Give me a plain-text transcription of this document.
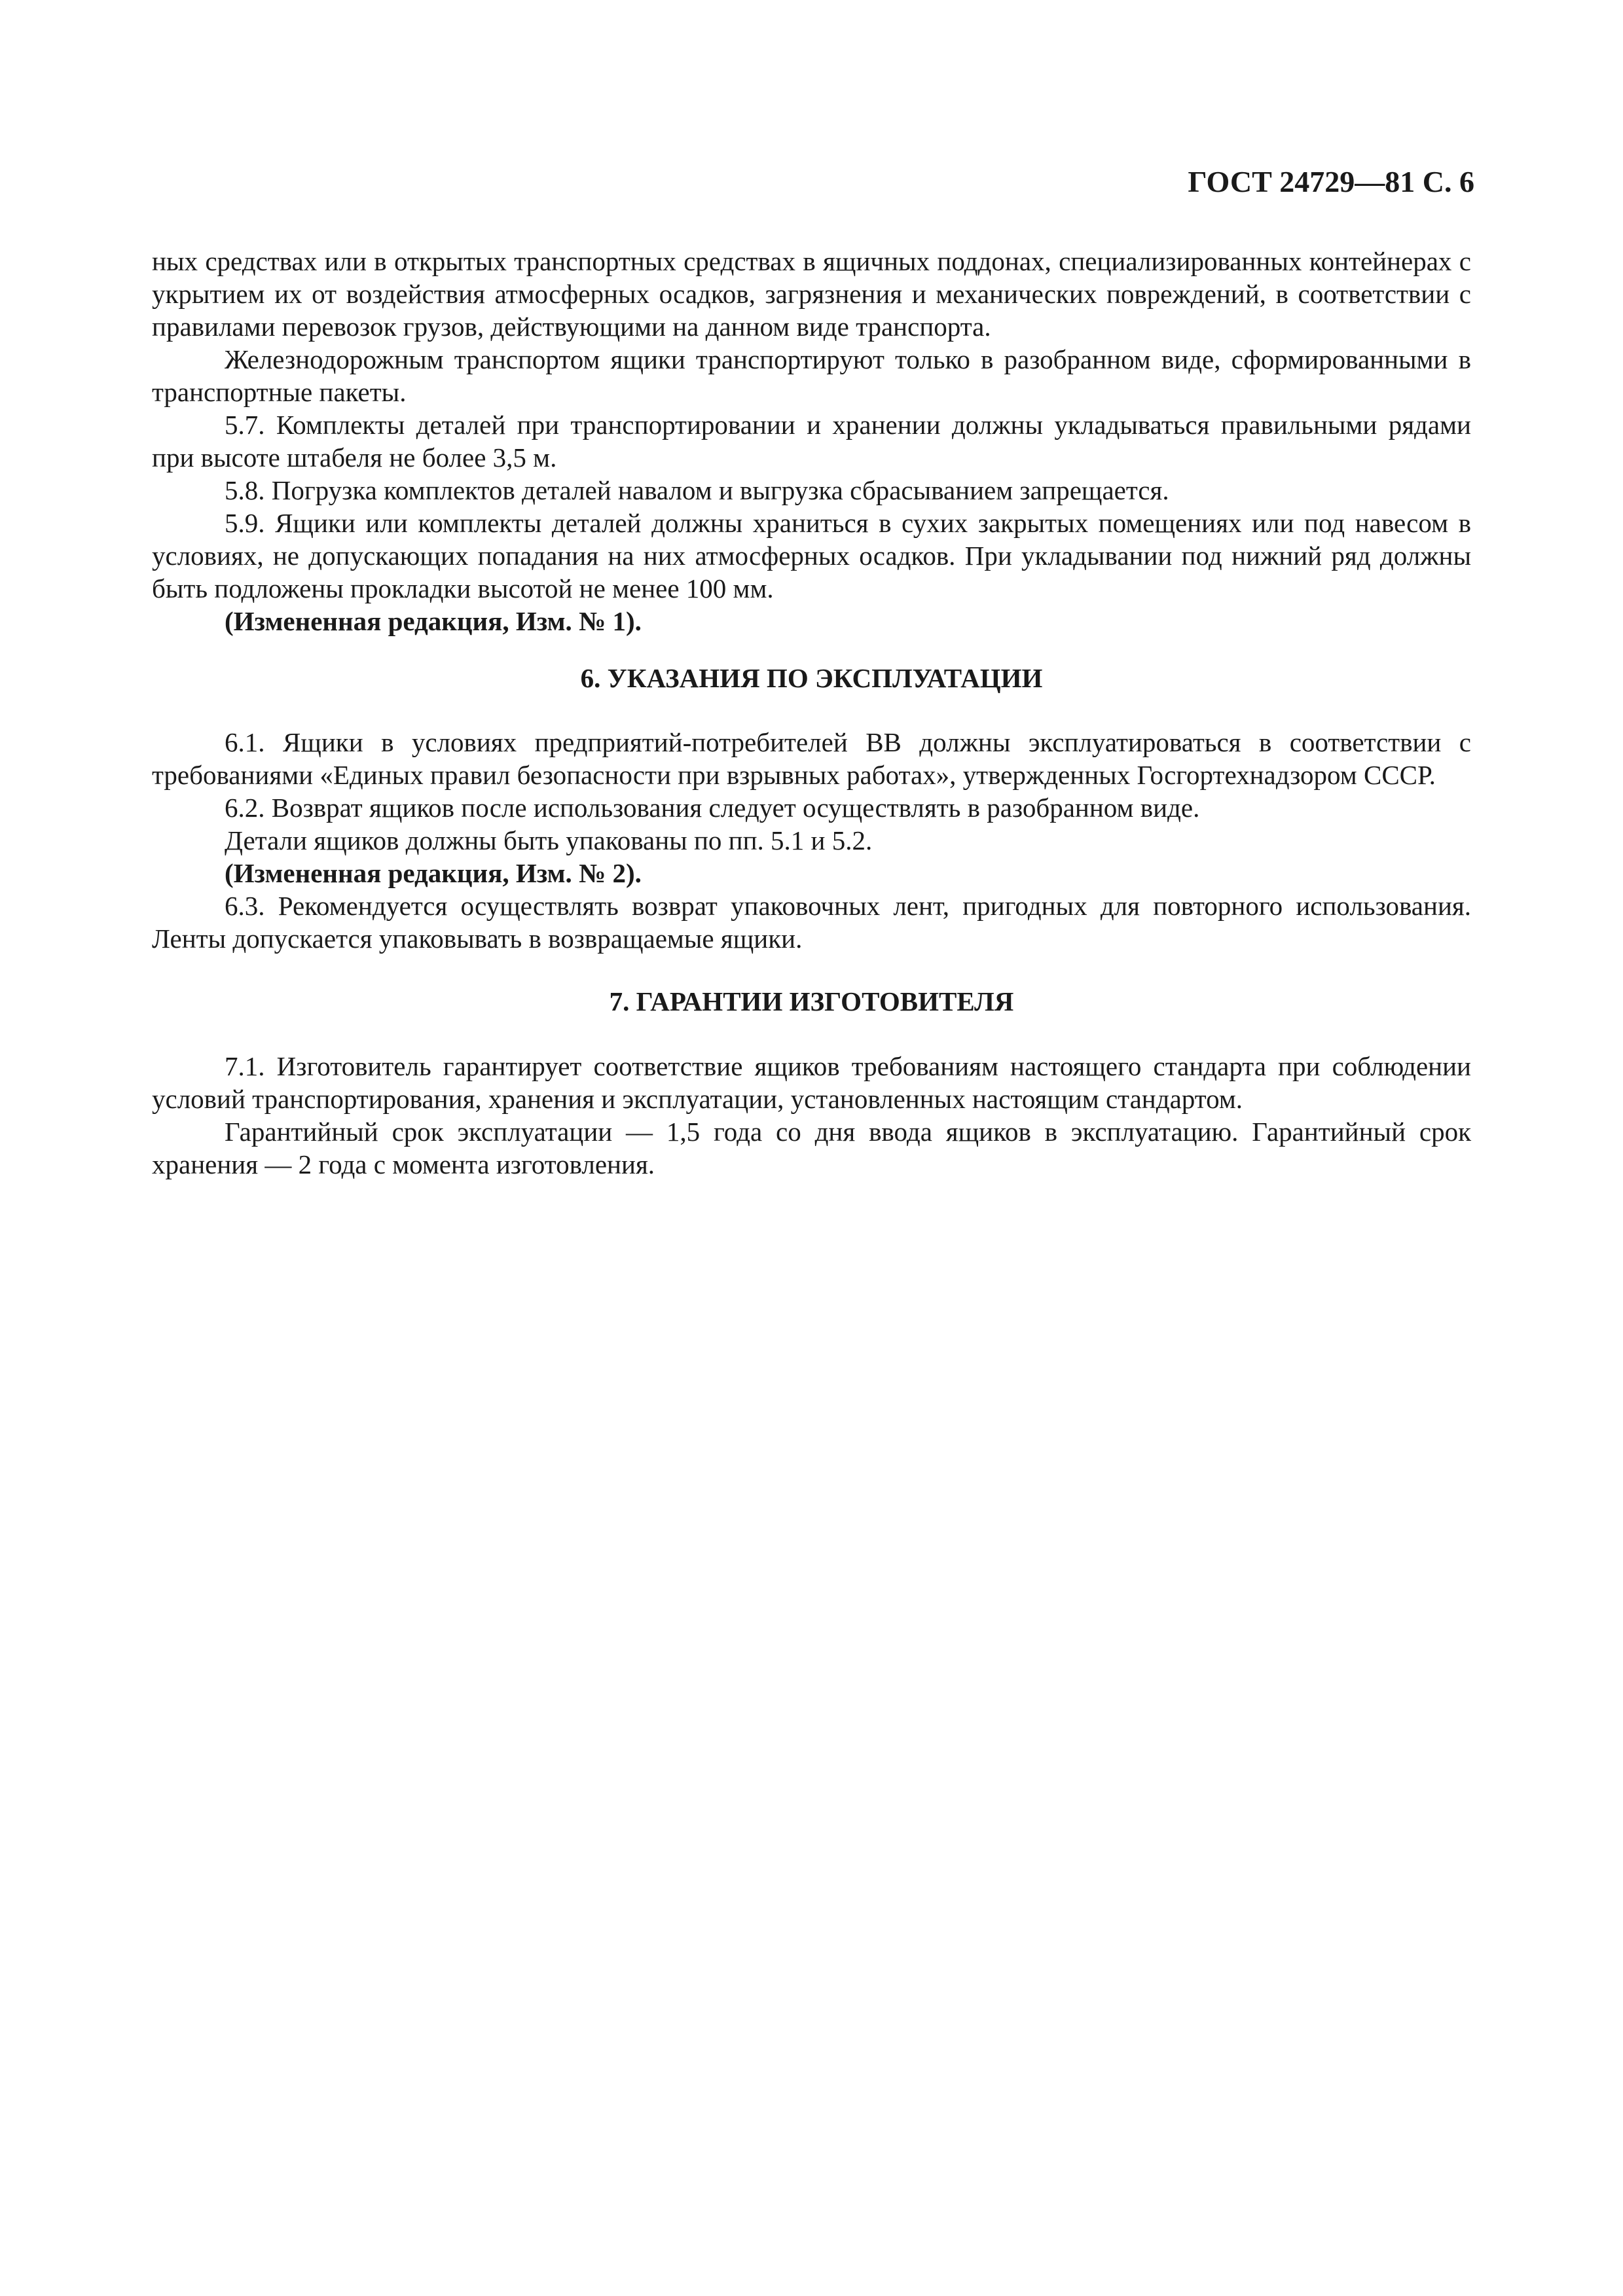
ГОСТ 24729—81 С. 6

ных средствах или в открытых транспортных средствах в ящичных поддонах, специализированных контейнерах с укрытием их от воздействия атмосферных осадков, загрязнения и механических повреждений, в соответствии с правилами перевозок грузов, действующими на данном виде транспорта.

Железнодорожным транспортом ящики транспортируют только в разобранном виде, сформированными в транспортные пакеты.

5.7. Комплекты деталей при транспортировании и хранении должны укладываться правильными рядами при высоте штабеля не более 3,5 м.

5.8. Погрузка комплектов деталей навалом и выгрузка сбрасыванием запрещается.

5.9. Ящики или комплекты деталей должны храниться в сухих закрытых помещениях или под навесом в условиях, не допускающих попадания на них атмосферных осадков. При укладывании под нижний ряд должны быть подложены прокладки высотой не менее 100 мм.

(Измененная редакция, Изм. № 1).

6. УКАЗАНИЯ ПО ЭКСПЛУАТАЦИИ

6.1. Ящики в условиях предприятий-потребителей ВВ должны эксплуатироваться в соответствии с требованиями «Единых правил безопасности при взрывных работах», утвержденных Госгортехнадзором СССР.

6.2. Возврат ящиков после использования следует осуществлять в разобранном виде.

Детали ящиков должны быть упакованы по пп. 5.1 и 5.2.

(Измененная редакция, Изм. № 2).

6.3. Рекомендуется осуществлять возврат упаковочных лент, пригодных для повторного использования. Ленты допускается упаковывать в возвращаемые ящики.

7. ГАРАНТИИ ИЗГОТОВИТЕЛЯ

7.1. Изготовитель гарантирует соответствие ящиков требованиям настоящего стандарта при соблюдении условий транспортирования, хранения и эксплуатации, установленных настоящим стандартом.

Гарантийный срок эксплуатации — 1,5 года со дня ввода ящиков в эксплуатацию. Гарантийный срок хранения — 2 года с момента изготовления.
